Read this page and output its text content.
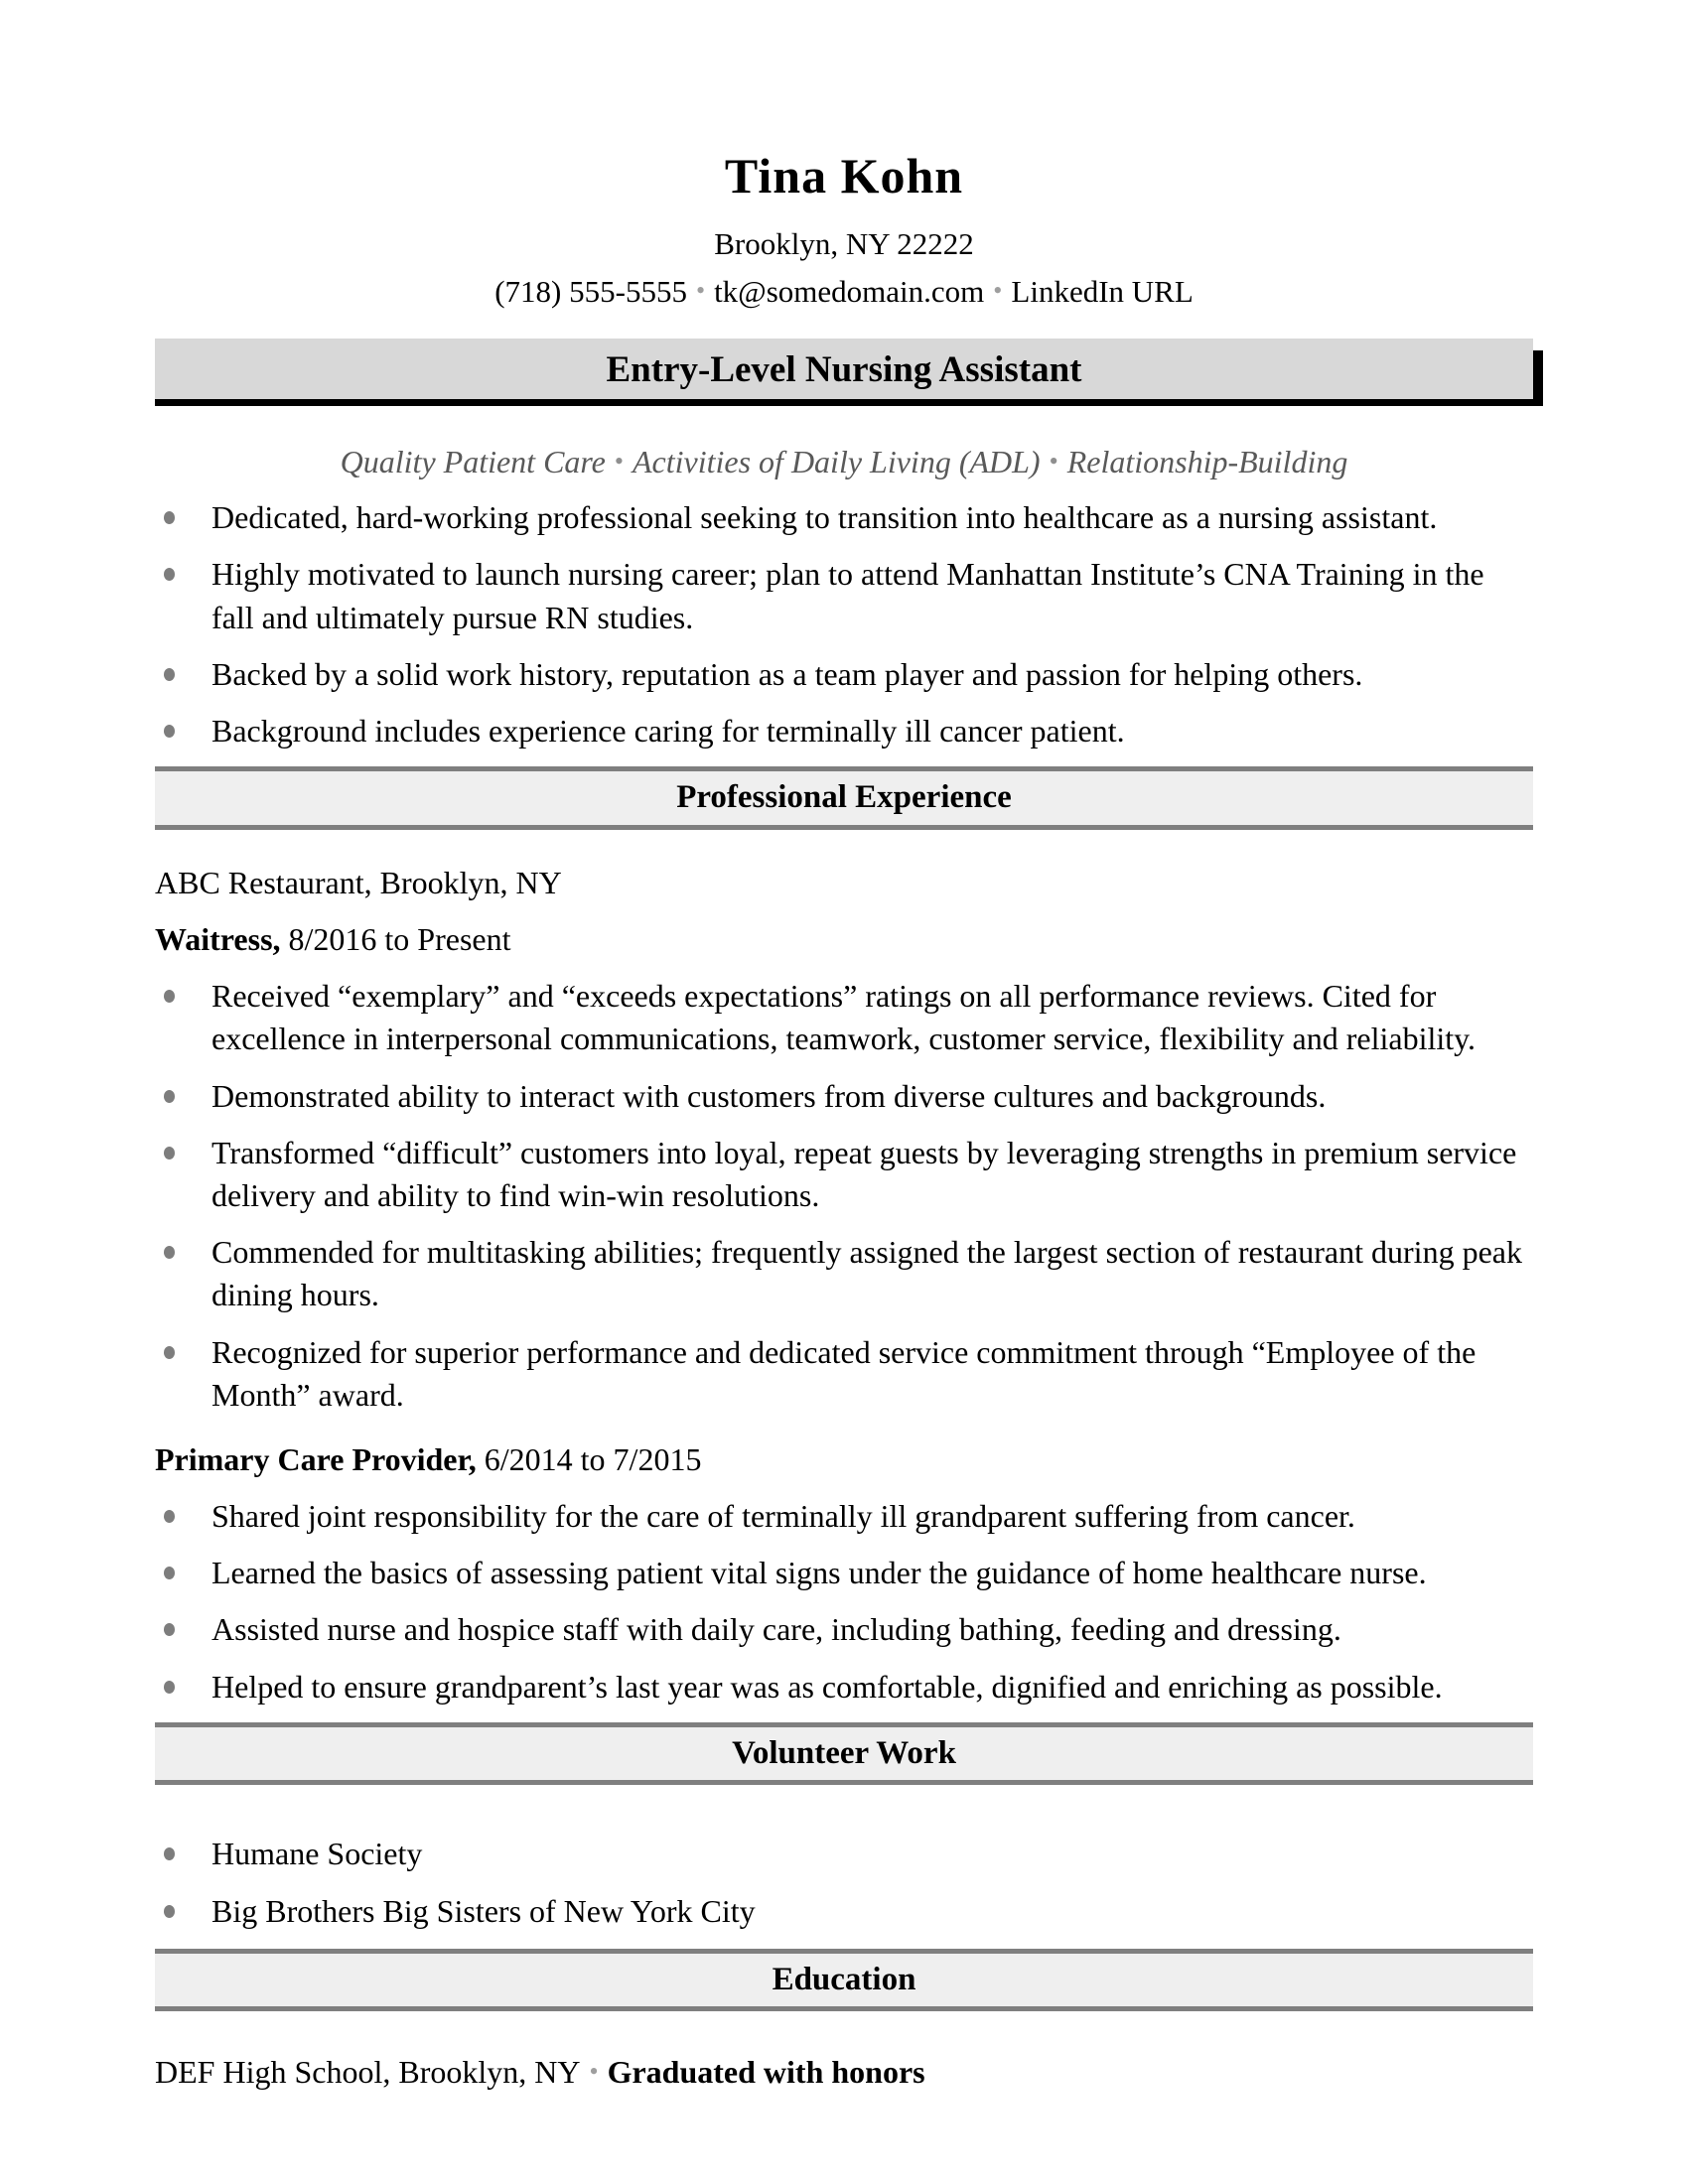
Tina Kohn
Brooklyn, NY 22222
(718) 555-5555 • tk@somedomain.com • LinkedIn URL
Entry-Level Nursing Assistant
Quality Patient Care • Activities of Daily Living (ADL) • Relationship-Building
Dedicated, hard-working professional seeking to transition into healthcare as a nursing assistant.
Highly motivated to launch nursing career; plan to attend Manhattan Institute’s CNA Training in the fall and ultimately pursue RN studies.
Backed by a solid work history, reputation as a team player and passion for helping others.
Background includes experience caring for terminally ill cancer patient.
Professional Experience
ABC Restaurant, Brooklyn, NY
Waitress, 8/2016 to Present
Received “exemplary” and “exceeds expectations” ratings on all performance reviews. Cited for excellence in interpersonal communications, teamwork, customer service, flexibility and reliability.
Demonstrated ability to interact with customers from diverse cultures and backgrounds.
Transformed “difficult” customers into loyal, repeat guests by leveraging strengths in premium service delivery and ability to find win-win resolutions.
Commended for multitasking abilities; frequently assigned the largest section of restaurant during peak dining hours.
Recognized for superior performance and dedicated service commitment through “Employee of the Month” award.
Primary Care Provider, 6/2014 to 7/2015
Shared joint responsibility for the care of terminally ill grandparent suffering from cancer.
Learned the basics of assessing patient vital signs under the guidance of home healthcare nurse.
Assisted nurse and hospice staff with daily care, including bathing, feeding and dressing.
Helped to ensure grandparent’s last year was as comfortable, dignified and enriching as possible.
Volunteer Work
Humane Society
Big Brothers Big Sisters of New York City
Education
DEF High School, Brooklyn, NY • Graduated with honors
